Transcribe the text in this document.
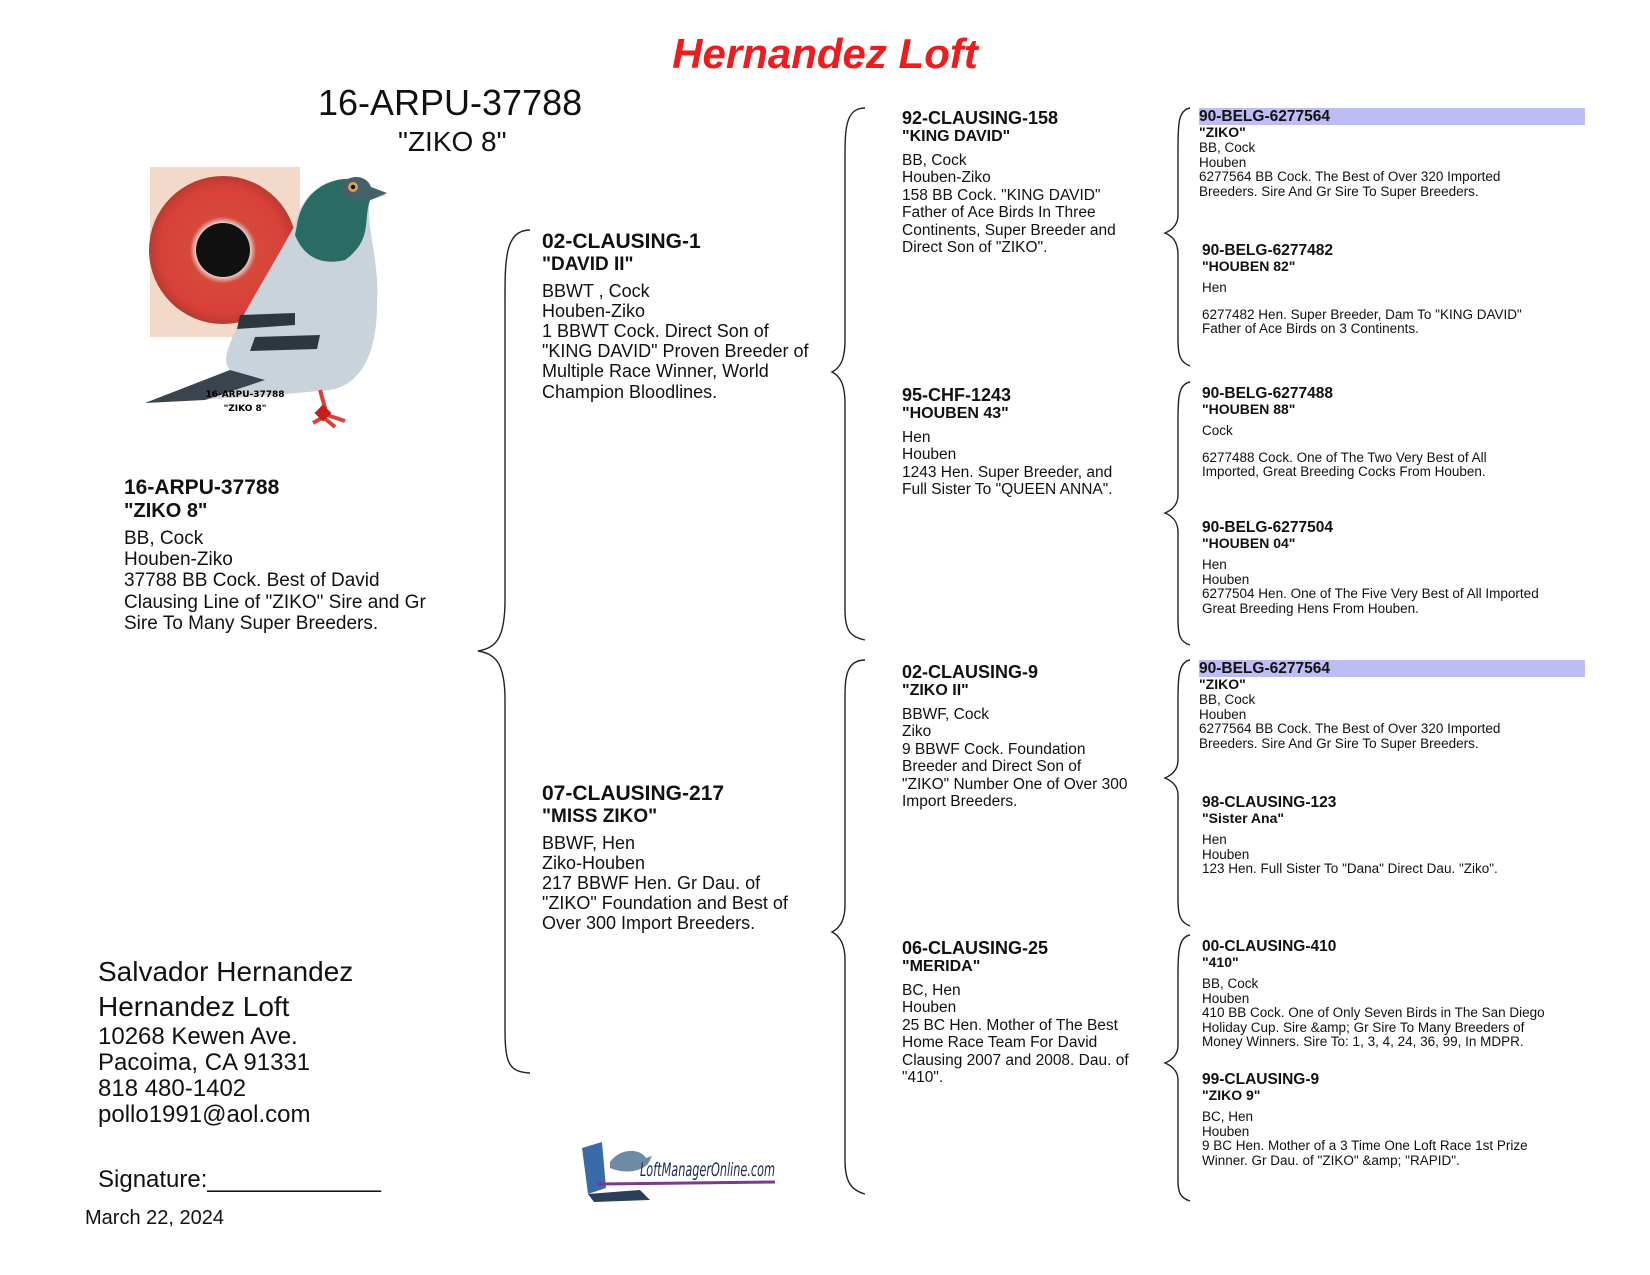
Hernandez Loft
16-ARPU-37788
"ZIKO 8"
16-ARPU-37788
"ZIKO 8"
16-ARPU-37788
"ZIKO 8"
BB, Cock
Houben-Ziko
37788 BB Cock. Best of David
Clausing Line of "ZIKO" Sire and Gr
Sire To Many Super Breeders.
02-CLAUSING-1
"DAVID II"
BBWT , Cock
Houben-Ziko
1 BBWT Cock. Direct Son of
"KING DAVID" Proven Breeder of
Multiple Race Winner, World
Champion Bloodlines.
07-CLAUSING-217
"MISS ZIKO"
BBWF, Hen
Ziko-Houben
217 BBWF Hen. Gr Dau. of
"ZIKO" Foundation and Best of
Over 300 Import Breeders.
92-CLAUSING-158
"KING DAVID"
BB, Cock
Houben-Ziko
158 BB Cock. "KING DAVID"
Father of Ace Birds In Three
Continents, Super Breeder and
Direct Son of "ZIKO".
95-CHF-1243
"HOUBEN 43"
Hen
Houben
1243 Hen. Super Breeder, and
Full Sister To "QUEEN ANNA".
02-CLAUSING-9
"ZIKO II"
BBWF, Cock
Ziko
9 BBWF Cock. Foundation
Breeder and Direct Son of
"ZIKO" Number One of Over 300
Import Breeders.
06-CLAUSING-25
"MERIDA"
BC, Hen
Houben
25 BC Hen. Mother of The Best
Home Race Team For David
Clausing 2007 and 2008. Dau. of
"410".
90-BELG-6277564
"ZIKO"
BB, Cock
Houben
6277564 BB Cock. The Best of Over 320 Imported
Breeders. Sire And Gr Sire To Super Breeders.
90-BELG-6277482
"HOUBEN 82"
Hen
6277482 Hen. Super Breeder, Dam To "KING DAVID"
Father of Ace Birds on 3 Continents.
90-BELG-6277488
"HOUBEN 88"
Cock
6277488 Cock. One of The Two Very Best of All
Imported, Great Breeding Cocks From Houben.
90-BELG-6277504
"HOUBEN 04"
Hen
Houben
6277504 Hen. One of The Five Very Best of All Imported
Great Breeding Hens From Houben.
90-BELG-6277564
"ZIKO"
BB, Cock
Houben
6277564 BB Cock. The Best of Over 320 Imported
Breeders. Sire And Gr Sire To Super Breeders.
98-CLAUSING-123
"Sister Ana"
Hen
Houben
123 Hen. Full Sister To "Dana" Direct Dau. "Ziko".
00-CLAUSING-410
"410"
BB, Cock
Houben
410 BB Cock. One of Only Seven Birds in The San Diego
Holiday Cup. Sire &amp; Gr Sire To Many Breeders of
Money Winners. Sire To: 1, 3, 4, 24, 36, 99, In MDPR.
99-CLAUSING-9
"ZIKO 9"
BC, Hen
Houben
9 BC Hen. Mother of a 3 Time One Loft Race 1st Prize
Winner. Gr Dau. of "ZIKO" &amp; "RAPID".
Salvador Hernandez
Hernandez Loft
10268 Kewen Ave.
Pacoima, CA 91331
818 480-1402
pollo1991@aol.com
Signature:_____________
March 22, 2024
LoftManagerOnline.com
